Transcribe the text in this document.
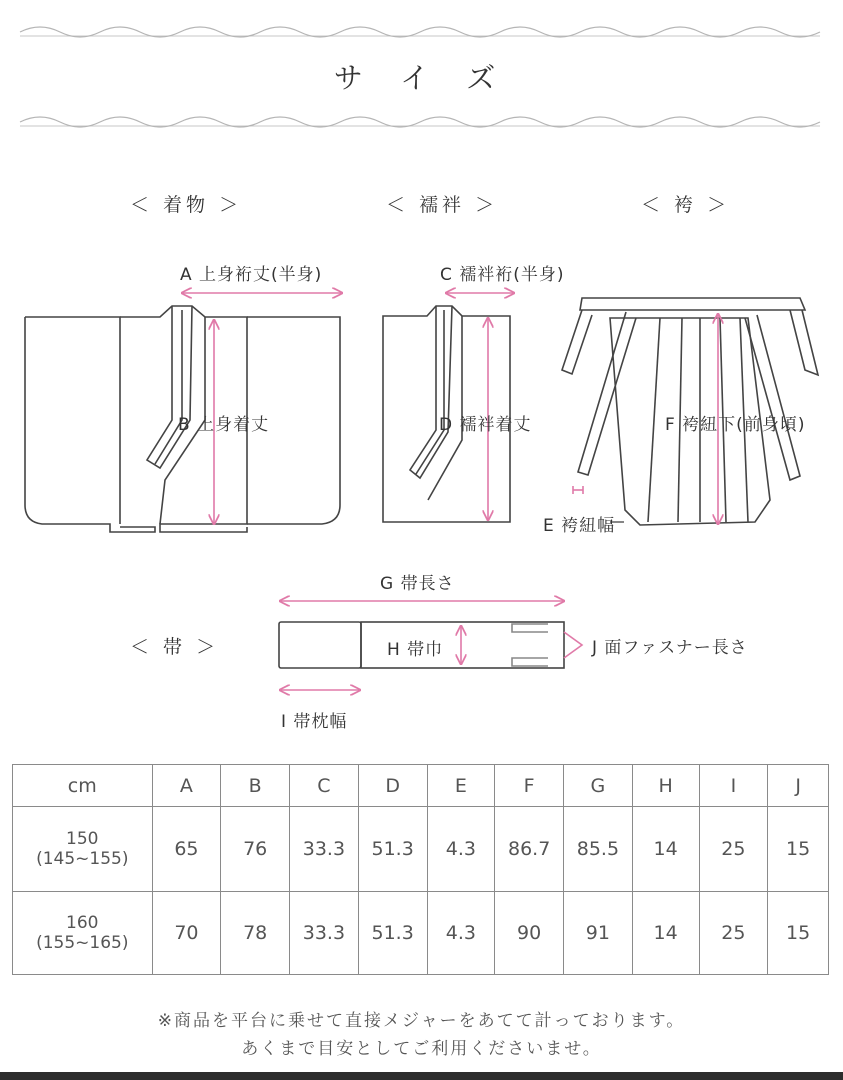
サ イ ズ
＜ 着物 ＞	＜ 襦袢 ＞	＜ 袴 ＞
＜ 帯 ＞
A 上身裄丈(半身)
B 上身着丈
C 襦袢裄(半身)
D 襦袢着丈
E 袴紐幅
F 袴紐下(前身頃)
G 帯長さ
H 帯巾
I 帯枕幅
J 面ファスナー長さ
cm	A	B	C	D	E	F	G	H	I	J

150
(145~155)	65	76	33.3	51.3	4.3	86.7	85.5	14	25	15

160
(155~165)	70	78	33.3	51.3	4.3	90	91	14	25	15
※商品を平台に乗せて直接メジャーをあてて計っております。
あくまで目安としてご利用くださいませ。
